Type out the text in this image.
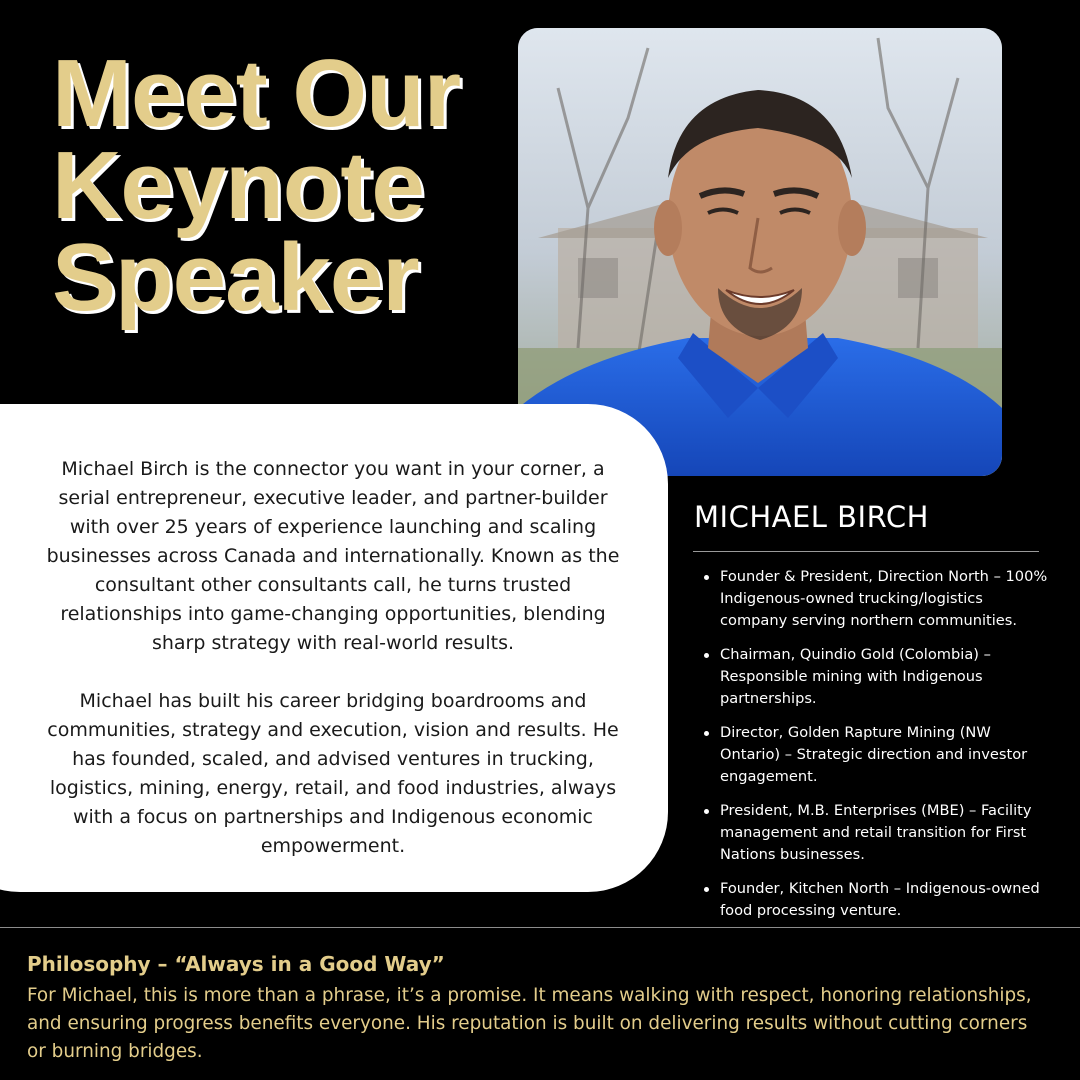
Meet Our
Keynote
Speaker

Michael Birch is the connector you want in your corner, a serial entrepreneur, executive leader, and partner-builder with over 25 years of experience launching and scaling businesses across Canada and internationally. Known as the consultant other consultants call, he turns trusted relationships into game-changing opportunities, blending sharp strategy with real-world results.

Michael has built his career bridging boardrooms and communities, strategy and execution, vision and results. He has founded, scaled, and advised ventures in trucking, logistics, mining, energy, retail, and food industries, always with a focus on partnerships and Indigenous economic empowerment.

MICHAEL BIRCH
Founder & President, Direction North – 100% Indigenous-owned trucking/logistics company serving northern communities.
Chairman, Quindio Gold (Colombia) – Responsible mining with Indigenous partnerships.
Director, Golden Rapture Mining (NW Ontario) – Strategic direction and investor engagement.
President, M.B. Enterprises (MBE) – Facility management and retail transition for First Nations businesses.
Founder, Kitchen North – Indigenous-owned food processing venture.
Philosophy – “Always in a Good Way”

For Michael, this is more than a phrase, it’s a promise. It means walking with respect, honoring relationships, and ensuring progress benefits everyone. His reputation is built on delivering results without cutting corners or burning bridges.
